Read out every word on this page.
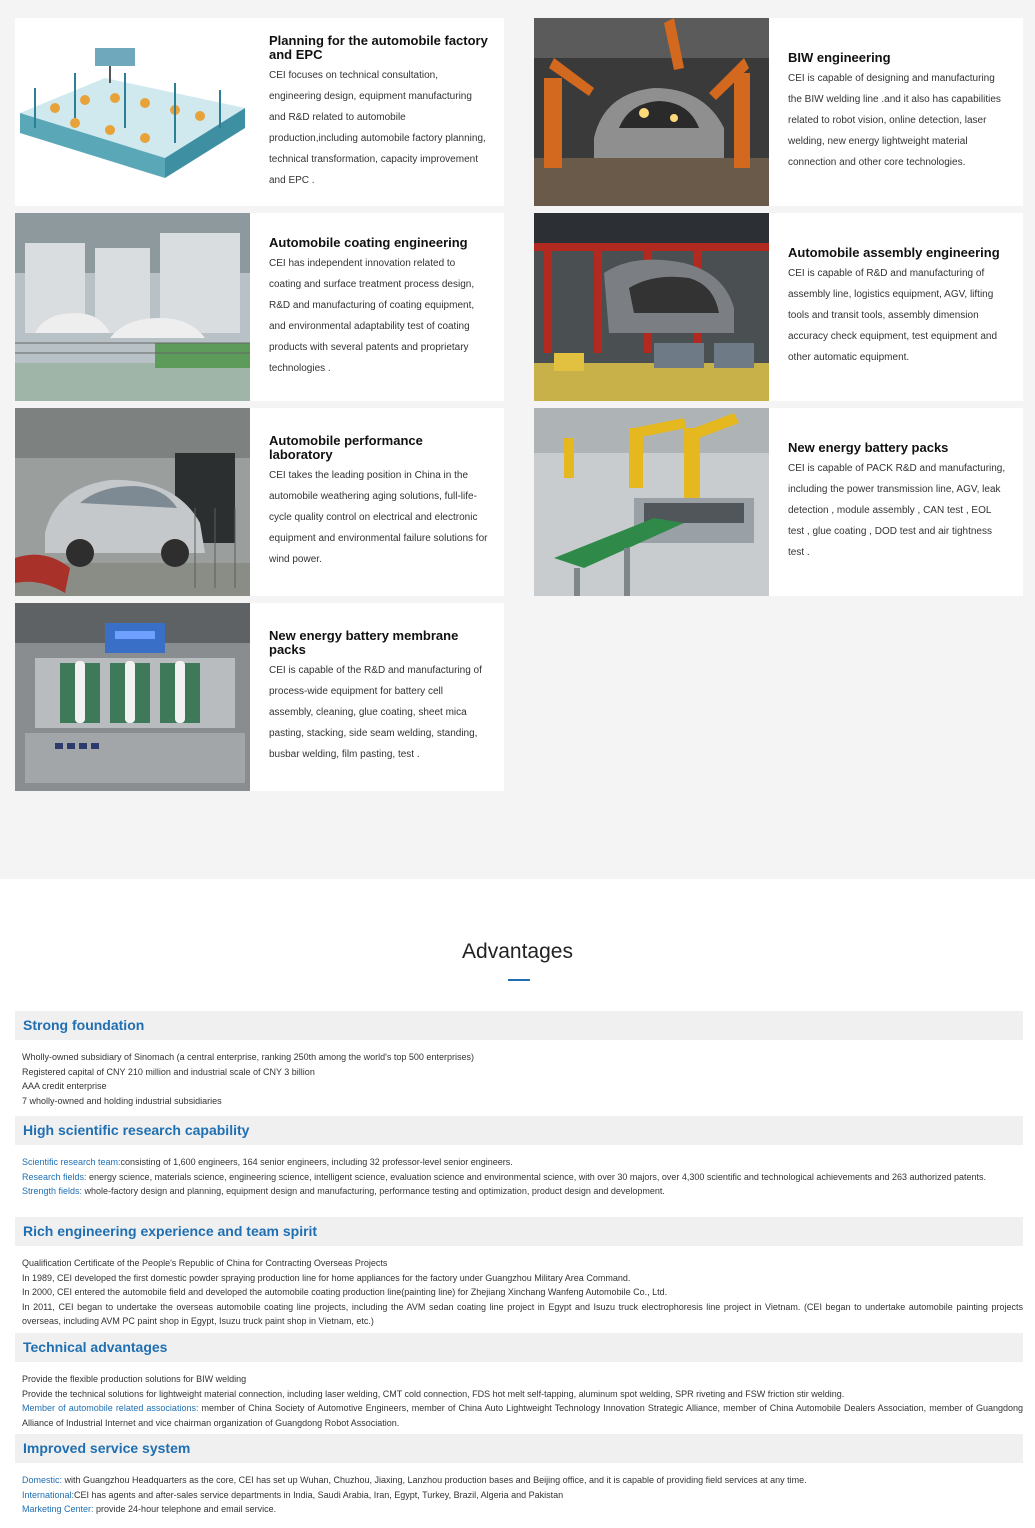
Planning for the automobile factory and EPC

CEI focuses on technical consultation, engineering design, equipment manufacturing and R&D related to automobile production,including automobile factory planning, technical transformation, capacity improvement and EPC .

BIW engineering

CEI is capable of designing and manufacturing the BIW welding line .and it also has capabilities related to robot vision, online detection, laser welding, new energy lightweight material connection and other core technologies.

Automobile coating engineering

CEI has independent innovation related to coating and surface treatment process design, R&D and manufacturing of coating equipment, and environmental adaptability test of coating products with several patents and proprietary technologies .

Automobile assembly engineering

CEI is capable of R&D and manufacturing of assembly line, logistics equipment, AGV, lifting tools and transit tools, assembly dimension accuracy check equipment, test equipment and other automatic equipment.

Automobile performance laboratory

CEI takes the leading position in China in the automobile weathering aging solutions, full-life-cycle quality control on electrical and electronic equipment and environmental failure solutions for wind power.

New energy battery packs

CEI is capable of PACK R&D and manufacturing, including the power transmission line, AGV, leak detection , module assembly , CAN test , EOL test , glue coating , DOD test and air tightness test .

New energy battery membrane packs

CEI is capable of the R&D and manufacturing of process-wide equipment for battery cell assembly, cleaning, glue coating, sheet mica pasting, stacking, side seam welding, standing, busbar welding, film pasting, test .

Advantages
Strong foundation
Wholly-owned subsidiary of Sinomach (a central enterprise, ranking 250th among the world's top 500 enterprises)
Registered capital of CNY 210 million and industrial scale of CNY 3 billion
AAA credit enterprise
7 wholly-owned and holding industrial subsidiaries
High scientific research capability
Scientific research team:consisting of 1,600 engineers, 164 senior engineers, including 32 professor-level senior engineers.
Research fields: energy science, materials science, engineering science, intelligent science, evaluation science and environmental science, with over 30 majors, over 4,300 scientific and technological achievements and 263 authorized patents.
Strength fields: whole-factory design and planning, equipment design and manufacturing, performance testing and optimization, product design and development.
Rich engineering experience and team spirit
Qualification Certificate of the People's Republic of China for Contracting Overseas Projects
In 1989, CEI developed the first domestic powder spraying production line for home appliances for the factory under Guangzhou Military Area Command.
In 2000, CEI entered the automobile field and developed the automobile coating production line(painting line) for Zhejiang Xinchang Wanfeng Automobile Co., Ltd.
In 2011, CEI began to undertake the overseas automobile coating line projects, including the AVM sedan coating line project in Egypt and Isuzu truck electrophoresis line project in Vietnam. (CEI began to undertake automobile painting projects overseas, including AVM PC paint shop in Egypt, Isuzu truck paint shop in Vietnam, etc.)
Technical advantages
Provide the flexible production solutions for BIW welding
Provide the technical solutions for lightweight material connection, including laser welding, CMT cold connection, FDS hot melt self-tapping, aluminum spot welding, SPR riveting and FSW friction stir welding.
Member of automobile related associations: member of China Society of Automotive Engineers, member of China Auto Lightweight Technology Innovation Strategic Alliance, member of China Automobile Dealers Association, member of Guangdong Alliance of Industrial Internet and vice chairman organization of Guangdong Robot Association.
Improved service system
Domestic: with Guangzhou Headquarters as the core, CEI has set up Wuhan, Chuzhou, Jiaxing, Lanzhou production bases and Beijing office, and it is capable of providing field services at any time.
International:CEI has agents and after-sales service departments in India, Saudi Arabia, Iran, Egypt, Turkey, Brazil, Algeria and Pakistan
Marketing Center: provide 24-hour telephone and email service.
